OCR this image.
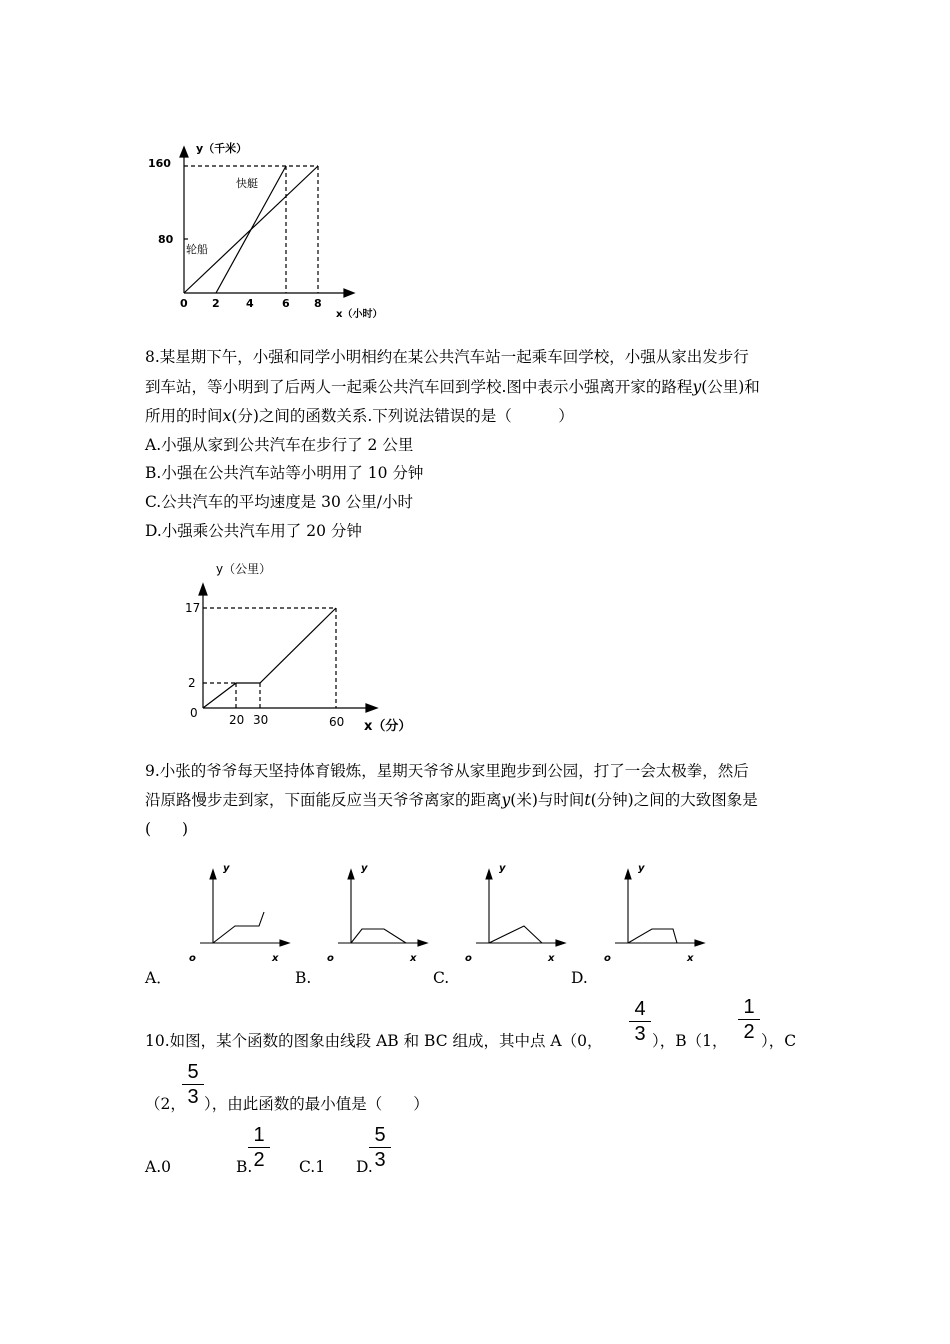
y（千米）
160
80
0 2 4	6 8
x（小时）
快艇
轮船
8.某星期下午，小强和同学小明相约在某公共汽车站一起乘车回学校，小强从家出发步行
到车站，等小明到了后两人一起乘公共汽车回到学校.图中表示小强离开家的路程y(公里)和
所用的时间x(分)之间的函数关系.下列说法错误的是（　　　）
A.小强从家到公共汽车在步行了 2 公里
B.小强在公共汽车站等小明用了 10 分钟
C.公共汽车的平均速度是 30 公里/小时
D.小强乘公共汽车用了 20 分钟
y（公里）
17
2
0	20 30	60 x（分）
9.小张的爷爷每天坚持体育锻炼，星期天爷爷从家里跑步到公园，打了一会太极拳，然后
沿原路慢步走到家，下面能反应当天爷爷离家的距离y(米)与时间t(分钟)之间的大致图象是
(　　)
y
x
o
y
x
o
y
x
o
y
x
o
A．	B.	C.	D.
10.如图，某个函数的图象由线段 AB 和 BC 组成，其中点 A（0， $\frac{4}{3}$ ），B（1， $\frac{1}{2}$ ），C
（2，
$\frac{5}{3}$ ），由此函数的最小值是（　　）
A.0	B.
$\frac{1}{2} C.1$ D.
$\frac{5}{3}$
